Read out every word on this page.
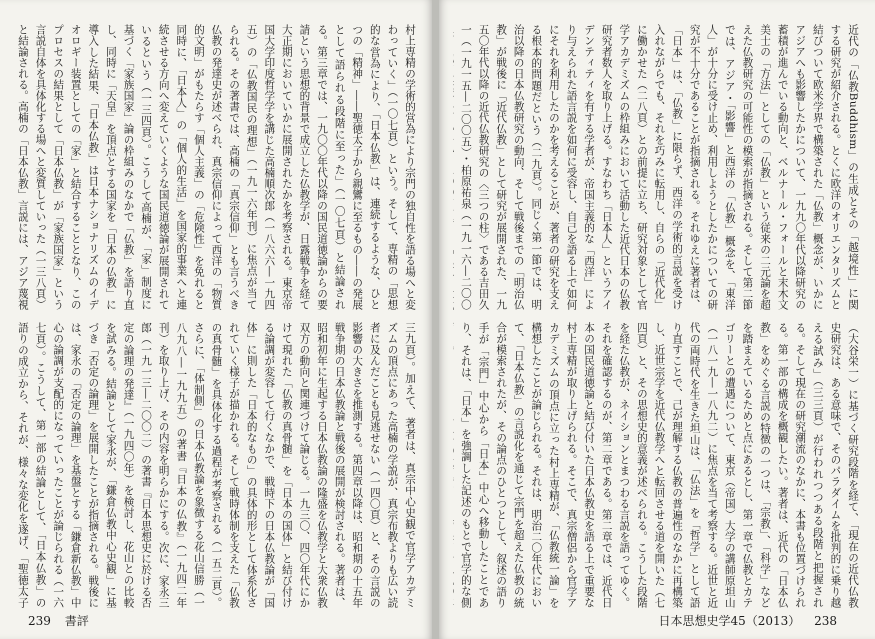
村上専精の学術的営為により宗門の独自性を語る場へと変わっていく」（一〇七頁）という。そして、専精の「思想的な営為により、「日本仏教」は、連続するような、ひとつの「精神」――聖徳太子から親鸞に至るもの――の発展として語られる段階に至った」（一〇七頁）と結論される。第三章では、一九〇〇年代以降の国民道徳論からの要請という思想的背景で成立した仏教学が、日露戦争を経て大正期においていかに展開されたかを考察される。東京帝国大学印度哲学学を講じた高楠順次郎（一八六六―一九四五）の「仏教国民の理想」（一九一六年刊）に焦点が当てられる。その著書では、高楠の「真宗信仰」とも言うべき仏教の発達史が述べられ、真宗信仰によって西洋の「物質的文明」がもたらす「個人主義」の「危険性」を免れると同時に、「日本人」の「個人的生活」を国家的事業へと連続させる方向へ変えていくような国民道徳論が展開されているという（一三四頁）。こうして高楠が、「家」制度に基づく「家族国家」論の枠組みのなかで「仏教」を語り直し、同時に「天皇」を頂点とする国家を「日本の仏教」に導入した結果、「日本仏教」は日本ナショナリズムのイデオロギー装置としての「家」と結合することとなり、このプロセスの結果として「日本仏教」が「家族国家」という言説自体を具体化する場へと変質していった（一三八頁）と結論される。高楠の「日本仏教」言説には、アジア蔑視
三九頁）。加えて、著者は、真宗中心史観で官学アカデミズムの頂点にあった高楠の学説が、真宗布教よりも広い読者に及んだことも見逃せない（一四〇頁）と、その言説の影響の大きさを推測する。第四章以降は、昭和期の十五年戦争期の日本仏教論と戦後の展開が検討される。著者は、昭和初年に生起する日本仏教論の隆盛を仏教学と大衆仏教双方の動向と関連づけて論じる。一九三〇、四〇年代にかけて現れた「仏教の真骨髄」を「日本の国体」と結び付ける論調が変容して行くなかで、戦時下の日本仏教論が「国体」に則した「日本的なもの」の具体的形として体系化されていく様子が描かれる。そして戦時体制を支えた「仏教の真骨髄」を具体化する過程が考察される（一五二頁）。さらに、「体制側」の日本仏教論を象徴する花山信勝（一八九八―一九九五）の著書『日本の仏教』（一九四二年刊）を取り上げ、その内容を明らかにする。次に、家永三郎（一九一三―二〇〇二）の著書『日本思想史に於ける否定の論理の発達』（一九四〇年）を検討し、花山との比較を試みる。結論として家永が、「鎌倉仏教中心史観」に基づき「否定の論理」を展開したことが指摘される。戦後には、家永の「否定の論理」を基盤とする「鎌倉新仏教」中心の論調が支配的になっていったことが論じられる（一六七頁）。こうして、第一部の結論として、「日本仏教」の語りの成立から、それが、様々な変化を遂げ、「聖徳太子
239 書評
近代の「仏教Buddhism」の生成とその「越境性」に関する研究が紹介される。とくに欧洋のオリエンタリズムと結びついて欧米学界で構築された「仏教」概念が、いかにアジアへも影響したかについて、一九九〇年代以降研究の蓄積が進んでいる動向と、ベルナール・フォールと末木文美士の「方法」としての「仏教」という従来の二元論を超えた仏教研究の可能性の模索が指摘される。そして第二節では、アジア・「影響」と西洋の「仏教」概念を、「東洋人」が十分に受け止め、利用しようとしたかについての研究が不十分であることが指摘される。それゆえに著者は、「日本」は、「仏教」に限らず、西洋の学術的言説を受け入れながらでも、それを巧みに転用し、自らの「近代化」に働かせた（二八頁）との前提に立ち、研究対象として官学アカデミズムの枠組みにおいて活動した近代日本の仏教研究者数人を取り上げる。すなわち「日本人」というアイデンティティを有する学者が、帝国主義的な「西洋」により与えられた語言説を如何に受容し、自己を語る上で如何にそれを利用したのかを考えることが、著者の研究を支える根本的問題だという（二九頁）。同じく第一節では、明治以降の日本仏教研究の動向、そして戦後までの「明治仏教」が戦後に「近代仏教」として研究が展開された、一九五〇年代以降の近代仏教研究の〈三つの柱〉である吉田久一（一九一五―二〇〇五）・柏原祐泉（一九一六―二〇〇
（大谷栄一）に基づく研究段階を経て、「現在の近代仏教史研究は、ある意味で、そのパラダイムを批判的に乗り越える試み」（三三頁）が行われつつある段階と把握される。そして現在の研究潮流のなかに、本書も位置づけられる。第一部の構成を概観したい。著者は、近代の「日本仏教」をめぐる言説の特徴の一つは、「宗教」、「科学」などを踏まえているためと点にあるとし、第一章で仏教とカテゴリーとの遭遇について、東京（帝国）大学の講師原坦山（一八一九―一八九二）に焦点を当て考察する。近世と近代の両時代を生きた坦山は、「仏法」を「哲学」として語り直すことで、己が理解する仏教の普遍性のなかに再構築し、近世宗学を近代仏教学へと転回させる道を開いた（七四頁）と、その思想史的意義が述べられる。こうした段階を経た仏教が、ネイションとまつわる言説を語ってゆく。それを確認するのが、第二章である。第二章では、近代日本の国民道徳論と結び付いた日本仏教史を語る上で重要な村上専精が取り上げられる。そこで、真宗僧侶から官学アカデミズムの頂点に立った村上専精が、「仏教統一論」を構想したことが論じられる。それは、明治二〇年代において、「日本仏教」の言説化を通じて宗門を超えた仏教の統合が模索されたが、その論点のひとつとして、叙述の語り手が「宗門」中心から「日本」中心へ移動したことであり、それは、「日本」を強調した記述のもとで官学的な側
日本思想史学45（2013） 238
